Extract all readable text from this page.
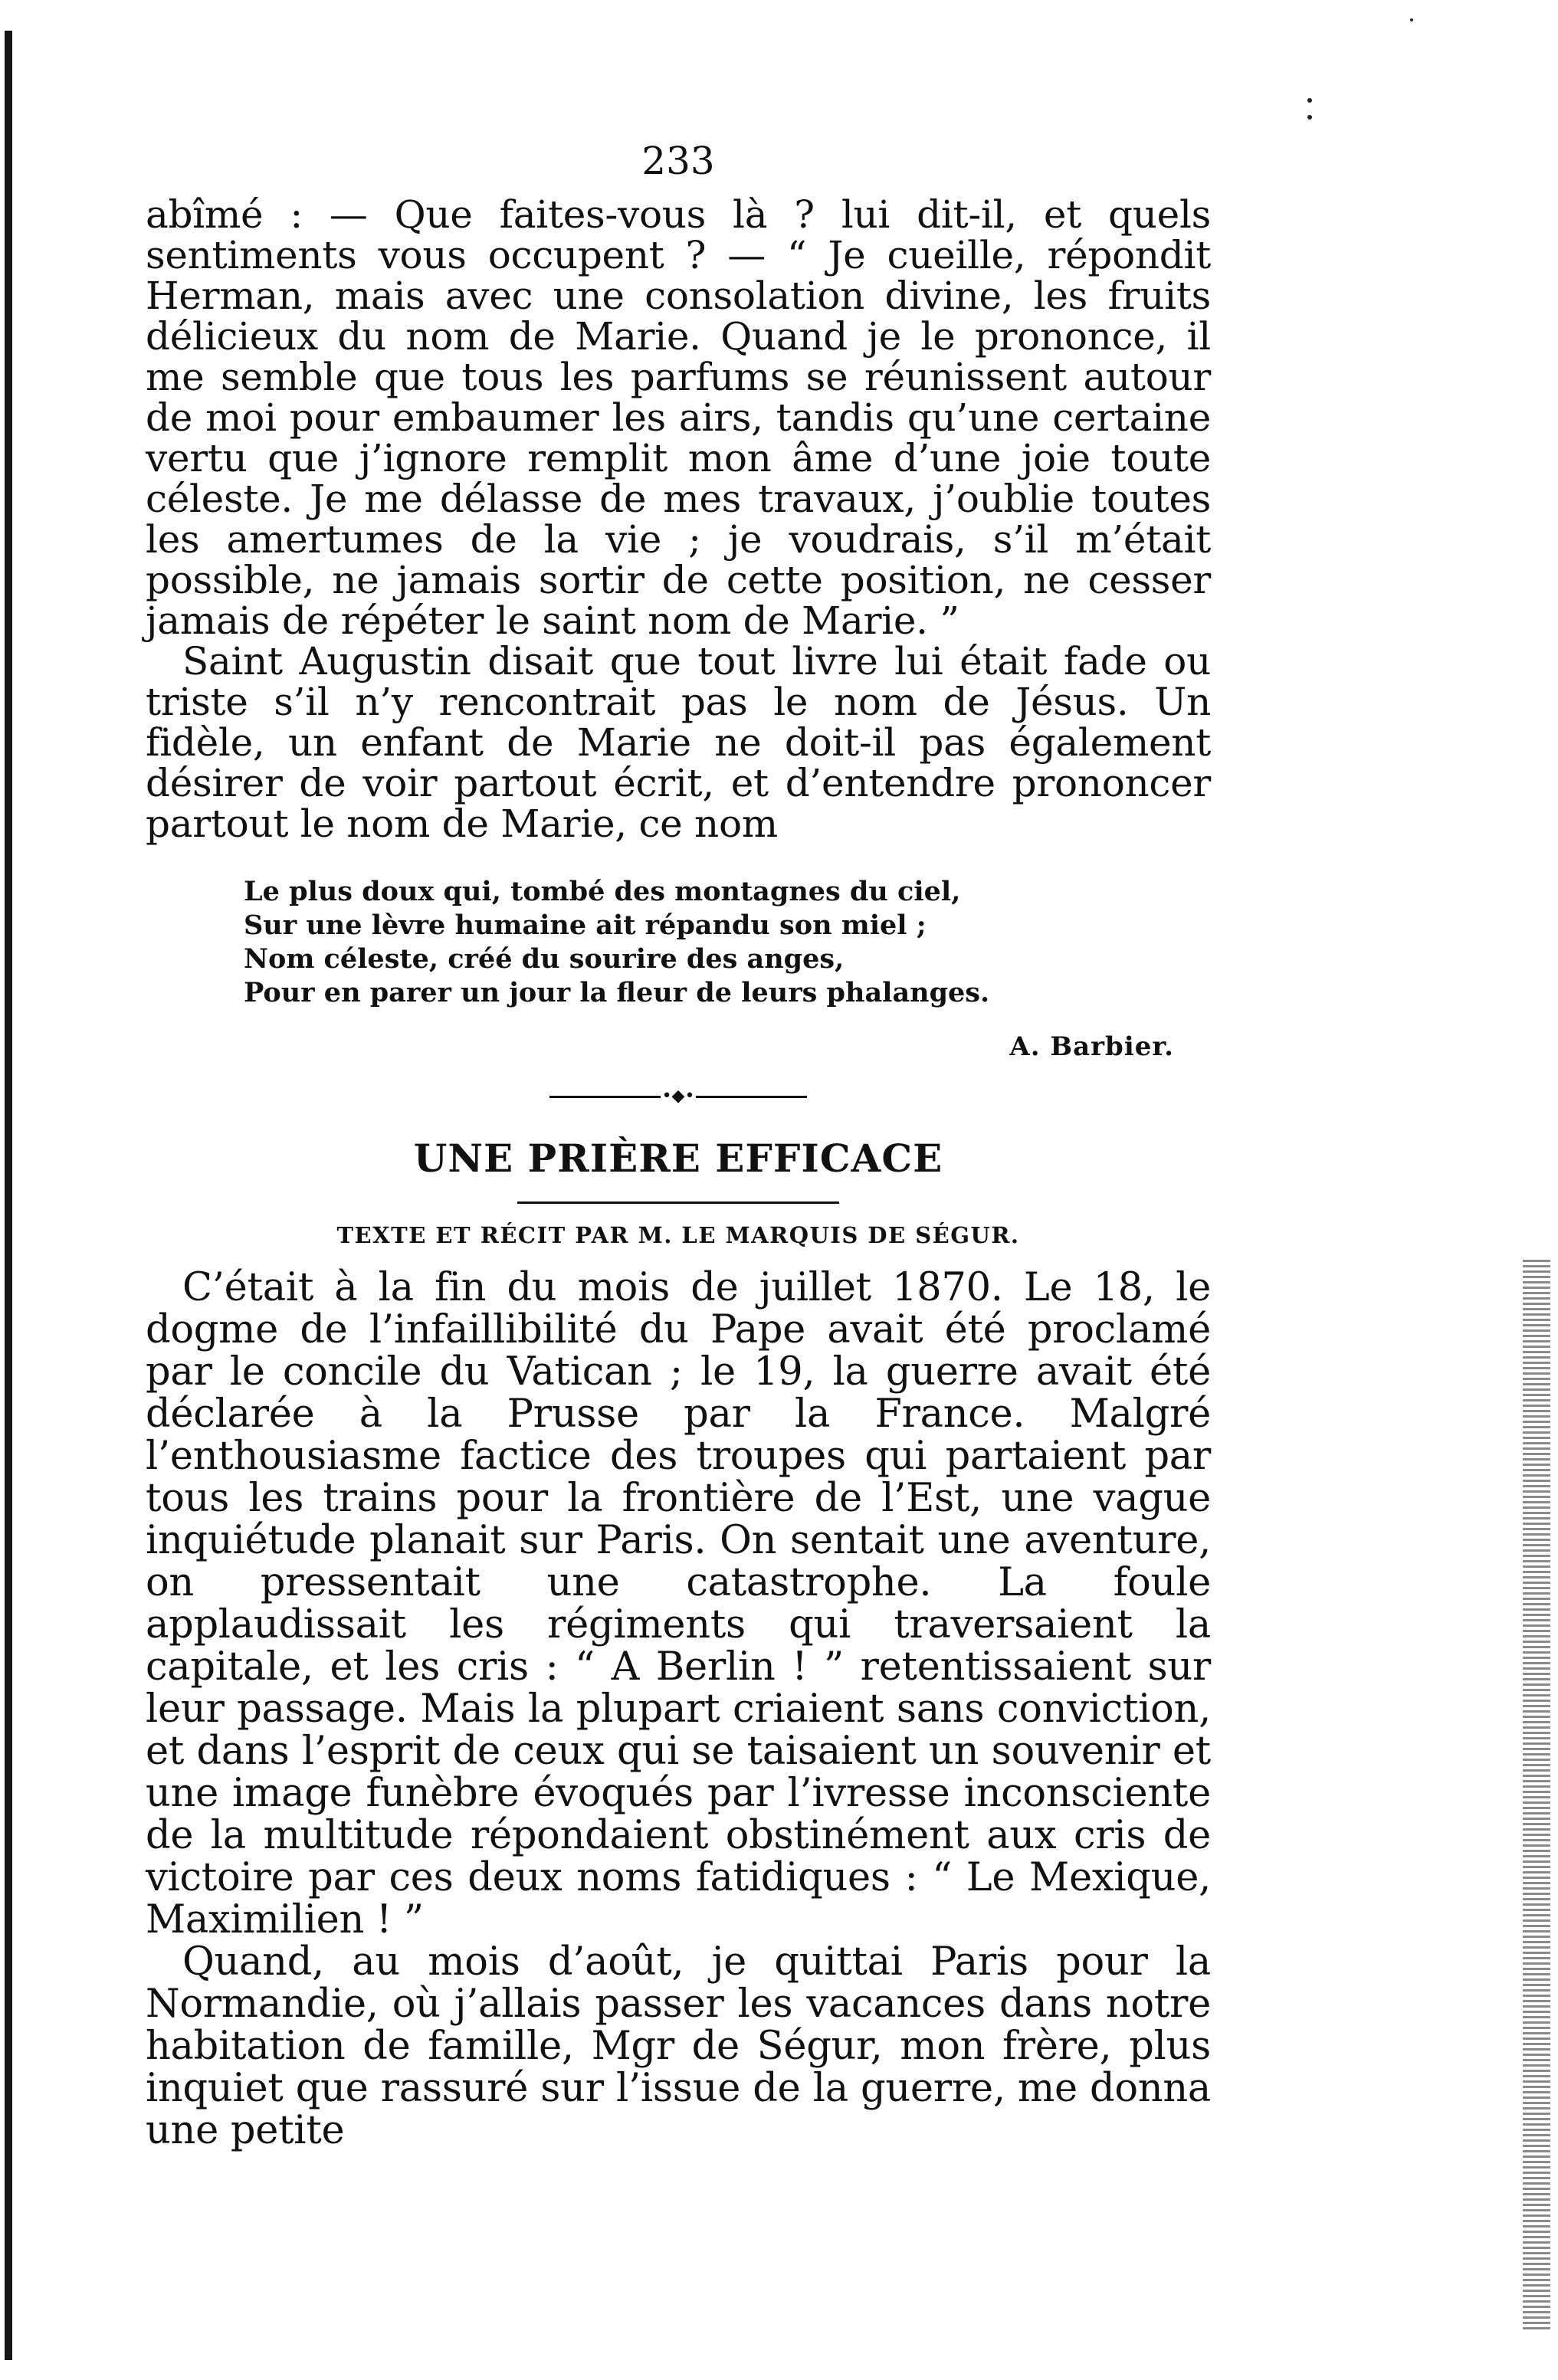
233

abîmé : — Que faites-vous là ? lui dit-il, et quels sentiments vous occupent ? — “ Je cueille, répondit Herman, mais avec une consolation divine, les fruits délicieux du nom de Marie. Quand je le prononce, il me semble que tous les parfums se réunissent autour de moi pour embaumer les airs, tandis qu’une certaine vertu que j’ignore remplit mon âme d’une joie toute céleste. Je me délasse de mes travaux, j’oublie toutes les amertumes de la vie ; je voudrais, s’il m’était possible, ne jamais sortir de cette position, ne cesser jamais de répéter le saint nom de Marie. ”

Saint Augustin disait que tout livre lui était fade ou triste s’il n’y rencontrait pas le nom de Jésus. Un fidèle, un enfant de Marie ne doit-il pas également désirer de voir partout écrit, et d’entendre prononcer partout le nom de Marie, ce nom

Le plus doux qui, tombé des montagnes du ciel,
Sur une lèvre humaine ait répandu son miel ;
Nom céleste, créé du sourire des anges,
Pour en parer un jour la fleur de leurs phalanges.
A. Barbier.
•◆•
UNE PRIÈRE EFFICACE
TEXTE ET RÉCIT PAR M. LE MARQUIS DE SÉGUR.

C’était à la fin du mois de juillet 1870. Le 18, le dogme de l’infaillibilité du Pape avait été proclamé par le concile du Vatican ; le 19, la guerre avait été déclarée à la Prusse par la France. Malgré l’enthousiasme factice des troupes qui partaient par tous les trains pour la frontière de l’Est, une vague inquiétude planait sur Paris. On sentait une aventure, on pressentait une catastrophe. La foule applaudissait les régiments qui traversaient la capitale, et les cris : “ A Berlin ! ” retentissaient sur leur passage. Mais la plupart criaient sans conviction, et dans l’esprit de ceux qui se taisaient un souvenir et une image funèbre évoqués par l’ivresse inconsciente de la multitude répondaient obstinément aux cris de victoire par ces deux noms fatidiques : “ Le Mexique, Maximilien ! ”

Quand, au mois d’août, je quittai Paris pour la Normandie, où j’allais passer les vacances dans notre habitation de famille, Mgr de Ségur, mon frère, plus inquiet que rassuré sur l’issue de la guerre, me donna une petite
